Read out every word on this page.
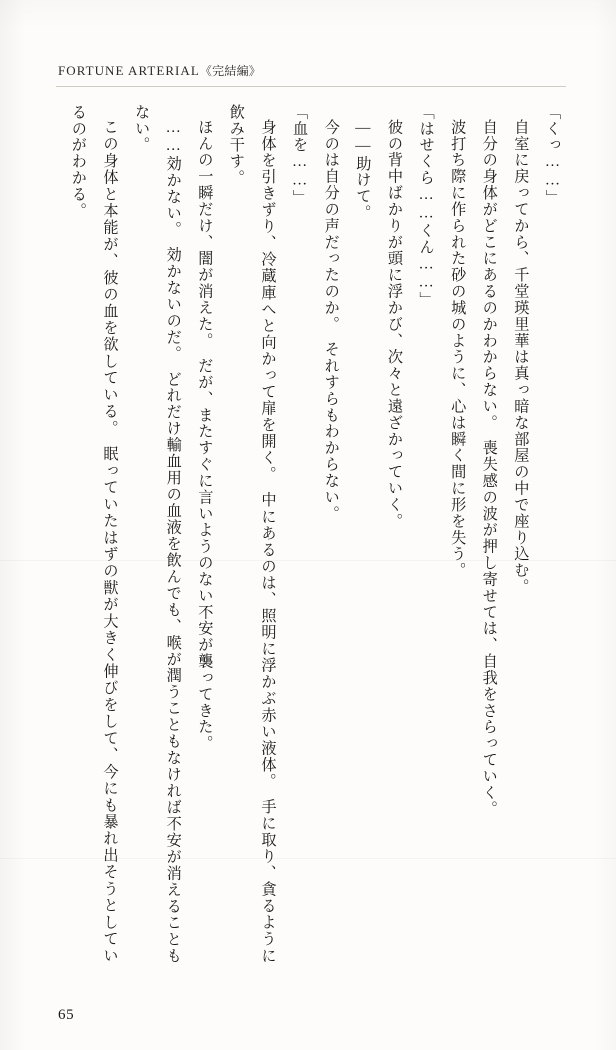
FORTUNE ARTERIAL《完結編》

「くっ……」

自室に戻ってから、千堂瑛里華は真っ暗な部屋の中で座り込む。

自分の身体がどこにあるのかわからない。　喪失感の波が押し寄せては、自我をさらっていく。

波打ち際に作られた砂の城のように、心は瞬く間に形を失う。

「はせくら……くん……」

彼の背中ばかりが頭に浮かび、次々と遠ざかっていく。

——助けて。

今のは自分の声だったのか。　それすらもわからない。

「血を……」

身体を引きずり、冷蔵庫へと向かって扉を開く。　中にあるのは、照明に浮かぶ赤い液体。　手に取り、貪るように飲み干す。

ほんの一瞬だけ、闇が消えた。　だが、またすぐに言いようのない不安が襲ってきた。

……効かない。　効かないのだ。　どれだけ輸血用の血液を飲んでも、喉が潤うこともなければ不安が消えることもない。

この身体と本能が、彼の血を欲している。　眠っていたはずの獣が大きく伸びをして、今にも暴れ出そうとしているのがわかる。

65
